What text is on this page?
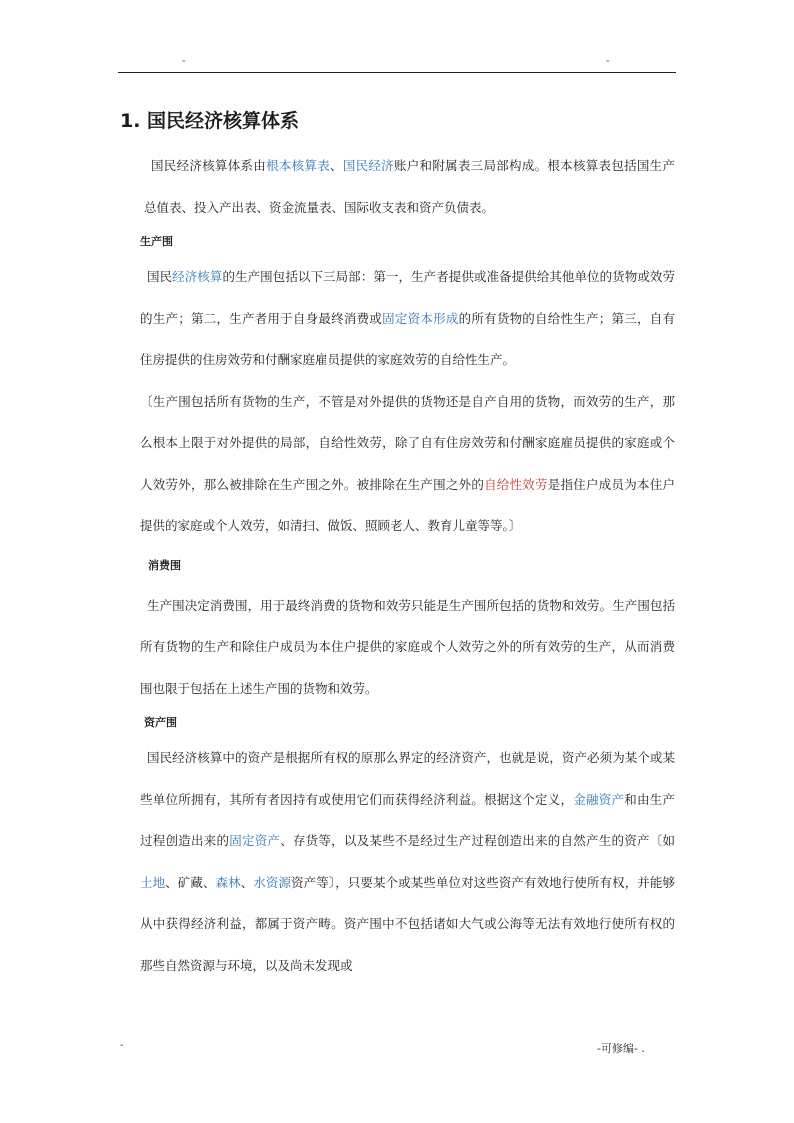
-	-
1. 国民经济核算体系

国民经济核算体系由根本核算表、国民经济账户和附属表三局部构成。根本核算表包括国生产总值表、投入产出表、资金流量表、国际收支表和资产负债表。

生产围

国民经济核算的生产围包括以下三局部：第一，生产者提供或准备提供给其他单位的货物或效劳的生产；第二，生产者用于自身最终消费或固定资本形成的所有货物的自给性生产；第三，自有住房提供的住房效劳和付酬家庭雇员提供的家庭效劳的自给性生产。

〔生产围包括所有货物的生产，不管是对外提供的货物还是自产自用的货物，而效劳的生产，那么根本上限于对外提供的局部，自给性效劳，除了自有住房效劳和付酬家庭雇员提供的家庭或个人效劳外，那么被排除在生产围之外。被排除在生产围之外的自给性效劳是指住户成员为本住户提供的家庭或个人效劳，如清扫、做饭、照顾老人、教育儿童等等。〕

消费围

生产围决定消费围，用于最终消费的货物和效劳只能是生产围所包括的货物和效劳。生产围包括所有货物的生产和除住户成员为本住户提供的家庭或个人效劳之外的所有效劳的生产，从而消费围也限于包括在上述生产围的货物和效劳。

资产围

国民经济核算中的资产是根据所有权的原那么界定的经济资产，也就是说，资产必须为某个或某些单位所拥有，其所有者因持有或使用它们而获得经济利益。根据这个定义，金融资产和由生产过程创造出来的固定资产、存货等，以及某些不是经过生产过程创造出来的自然产生的资产〔如土地、矿藏、森林、水资源资产等〕，只要某个或某些单位对这些资产有效地行使所有权，并能够从中获得经济利益，都属于资产畴。资产围中不包括诸如大气或公海等无法有效地行使所有权的那些自然资源与环境，以及尚未发现或

-	-可修编- .
